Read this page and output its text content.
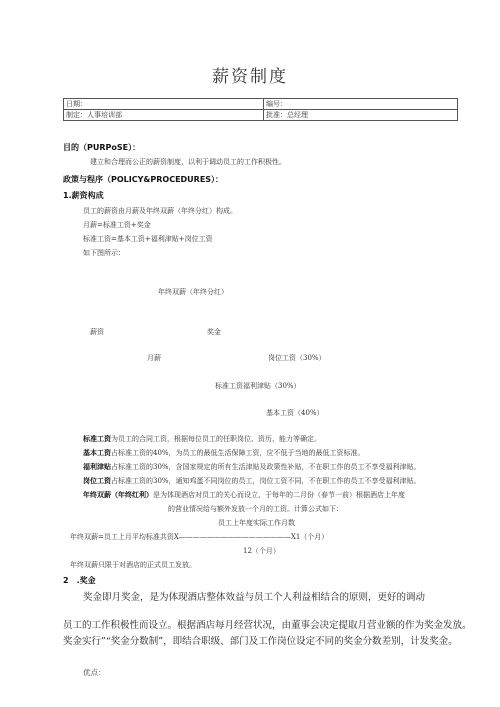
薪资制度
日期：	编号：
制定：人事培训部	批准：总经理
目的（PURPoSE）：
建立和合理而公正的薪资制度，以利于调动员工的工作积极性。
政策与程序（POLICY&PROCEDURES）：
1.薪资构成
员工的薪资由月薪及年终双薪（年终分红）构成。
月薪=标准工资+奖金
标准工资=基本工资+福利津贴+岗位工资
如下图所示：
年终双薪（年终分红）
薪资	奖金
月薪	岗位工资（30%）
标准工资福利津贴（30%）
基本工资（40%）
标准工资为员工的合同工资，根据每位员工的任职岗位、资历、能力等确定。
基本工资占标准工资的40%，为员工的最低生活保障工资，应不低于当地的最低工资标准。
福利津贴占标准工资的30%，含国家规定的所有生活津贴及政策性补贴，不在职工作的员工不享受福利津贴。
岗位工资占标准工资的30%，通知鸡蛋不同岗位的员工，岗位工资不同，不在职工作的员工不享受福利津贴。
年终双薪（年终红利）是为体现酒店对员工的关心而设立，于每年的二月份（春节一前）根据酒店上年度
的营业情况给与额外发放一个月的工资。计算公式如下：
员工上年度实际工作月数
年终双薪=员工上月平均标准共资X————————————————X1（个月）
12（个月）
年终双薪只限于对酒店的正式员工发放。
2　.奖金
奖金即月奖金，是为体现酒店整体效益与员工个人利益相结合的原则，更好的调动
员工的工作积极性而设立。根据酒店每月经营状况，由董事会决定提取月营业额的作为奖金发放。
奖金实行”“奖金分数制”，即结合职级、部门及工作岗位设定不同的奖金分数差别，计发奖金。
优点：
